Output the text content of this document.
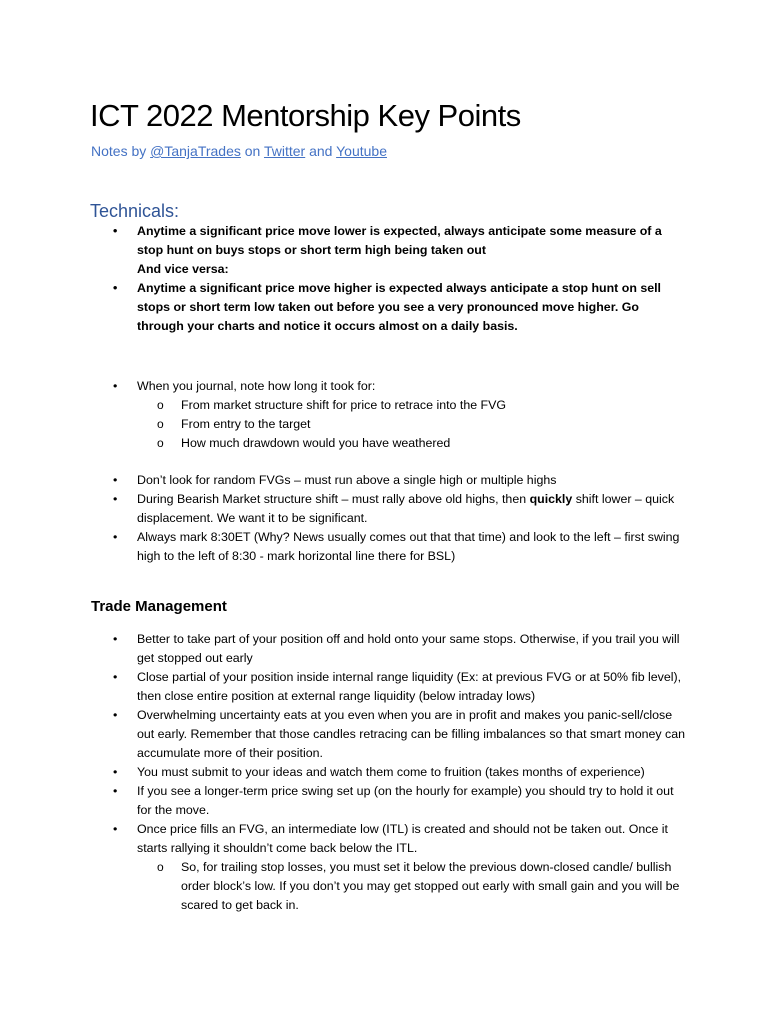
ICT 2022 Mentorship Key Points
Notes by @TanjaTrades on Twitter and Youtube
Technicals:
• Anytime a significant price move lower is expected, always anticipate some measure of a stop hunt on buys stops or short term high being taken out
And vice versa:
• Anytime a significant price move higher is expected always anticipate a stop hunt on sell stops or short term low taken out before you see a very pronounced move higher. Go through your charts and notice it occurs almost on a daily basis.
• When you journal, note how long it took for:
o From market structure shift for price to retrace into the FVG
o From entry to the target
o How much drawdown would you have weathered
• Don’t look for random FVGs – must run above a single high or multiple highs
• During Bearish Market structure shift – must rally above old highs, then quickly shift lower – quick displacement. We want it to be significant.
• Always mark 8:30ET (Why? News usually comes out that that time) and look to the left – first swing high to the left of 8:30 - mark horizontal line there for BSL)
Trade Management
• Better to take part of your position off and hold onto your same stops. Otherwise, if you trail you will get stopped out early
• Close partial of your position inside internal range liquidity (Ex: at previous FVG or at 50% fib level), then close entire position at external range liquidity (below intraday lows)
• Overwhelming uncertainty eats at you even when you are in profit and makes you panic-sell/close out early. Remember that those candles retracing can be filling imbalances so that smart money can accumulate more of their position.
• You must submit to your ideas and watch them come to fruition (takes months of experience)
• If you see a longer-term price swing set up (on the hourly for example) you should try to hold it out for the move.
• Once price fills an FVG, an intermediate low (ITL) is created and should not be taken out. Once it starts rallying it shouldn’t come back below the ITL.
o So, for trailing stop losses, you must set it below the previous down-closed candle/ bullish order block’s low. If you don’t you may get stopped out early with small gain and you will be scared to get back in.
